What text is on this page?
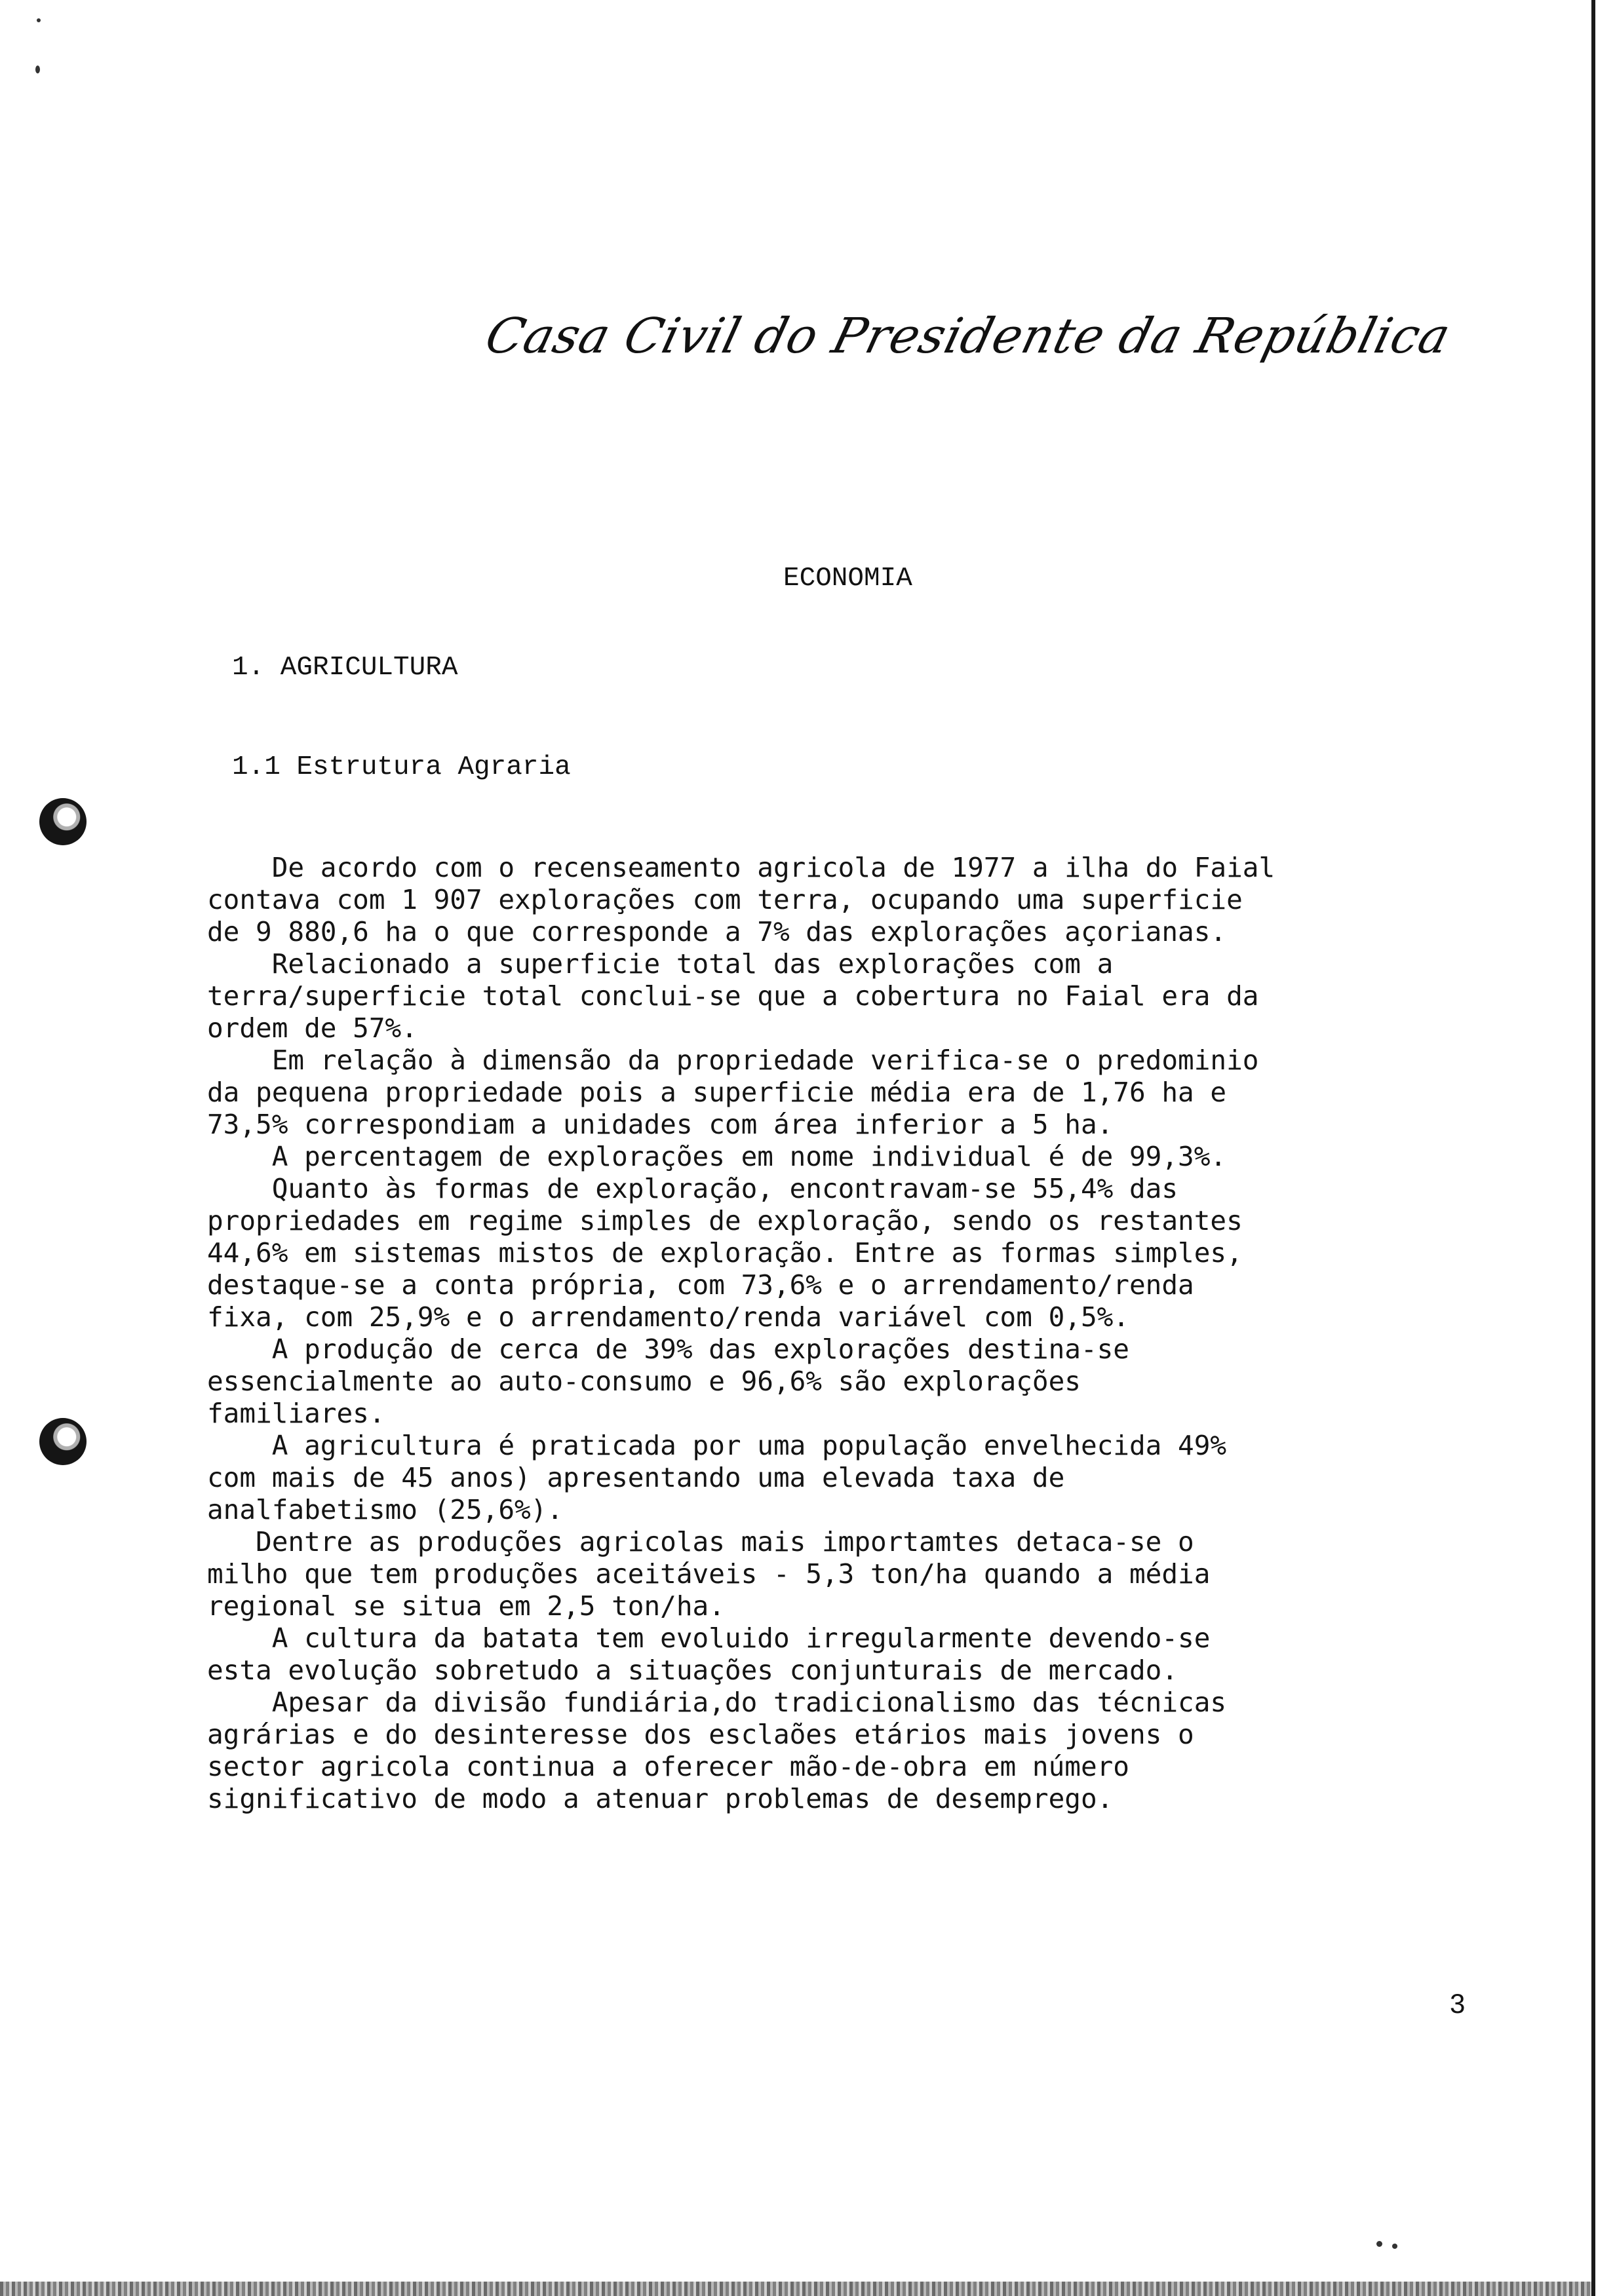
Casa Civil do Presidente da República
ECONOMIA
1. AGRICULTURA
1.1 Estrutura Agraria
De acordo com o recenseamento agricola de 1977 a ilha do Faial
contava com 1 907 explorações com terra, ocupando uma superficie
de 9 880,6 ha o que corresponde a 7% das explorações açorianas.
Relacionado a superficie total das explorações com a
terra/superficie total conclui-se que a cobertura no Faial era da
ordem de 57%.
Em relação à dimensão da propriedade verifica-se o predominio
da pequena propriedade pois a superficie média era de 1,76 ha e
73,5% correspondiam a unidades com área inferior a 5 ha.
A percentagem de explorações em nome individual é de 99,3%.
Quanto às formas de exploração, encontravam-se 55,4% das
propriedades em regime simples de exploração, sendo os restantes
44,6% em sistemas mistos de exploração. Entre as formas simples,
destaque-se a conta própria, com 73,6% e o arrendamento/renda
fixa, com 25,9% e o arrendamento/renda variável com 0,5%.
A produção de cerca de 39% das explorações destina-se
essencialmente ao auto-consumo e 96,6% são explorações
familiares.
A agricultura é praticada por uma população envelhecida 49%
com mais de 45 anos) apresentando uma elevada taxa de
analfabetismo (25,6%).
Dentre as produções agricolas mais importamtes detaca-se o
milho que tem produções aceitáveis - 5,3 ton/ha quando a média
regional se situa em 2,5 ton/ha.
A cultura da batata tem evoluido irregularmente devendo-se
esta evolução sobretudo a situações conjunturais de mercado.
Apesar da divisão fundiária,do tradicionalismo das técnicas
agrárias e do desinteresse dos esclaões etários mais jovens o
sector agricola continua a oferecer mão-de-obra em número
significativo de modo a atenuar problemas de desemprego.
3
